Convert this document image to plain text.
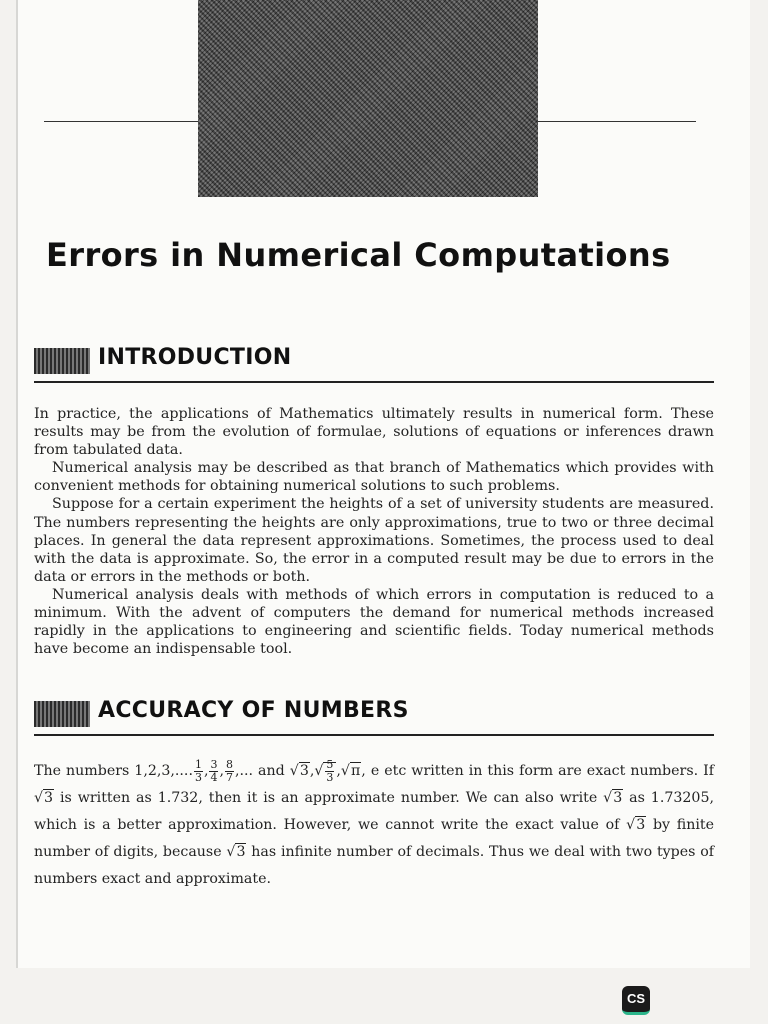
Errors in Numerical Computations
INTRODUCTION

In practice, the applications of Mathematics ultimately results in numerical form. These results may be from the evolution of formulae, solutions of equations or inferences drawn from tabulated data.

Numerical analysis may be described as that branch of Mathematics which provides with convenient methods for obtaining numerical solutions to such problems.

Suppose for a certain experiment the heights of a set of university students are measured. The numbers representing the heights are only approximations, true to two or three decimal places. In general the data represent approximations. Sometimes, the process used to deal with the data is approximate. So, the error in a computed result may be due to errors in the data or errors in the methods or both.

Numerical analysis deals with methods of which errors in computation is reduced to a minimum. With the advent of computers the demand for numerical methods increased rapidly in the applications to engineering and scientific fields. Today numerical methods have become an indispensable tool.

ACCURACY OF NUMBERS

The numbers 1,2,3,.... $\frac{1}{3}$ , $\frac{3}{4}$ , $\frac{8}{7}$ ,... and $√3,√ \frac{5}{3} ,√\pi$, e etc written in this form are exact numbers. If √3 is written as 1.732, then it is an approximate number. We can also write √3 as 1.73205, which is a better approximation. However, we cannot write the exact value of √3 by finite number of digits, because √3 has infinite number of decimals. Thus we deal with two types of numbers exact and approximate.

CS
